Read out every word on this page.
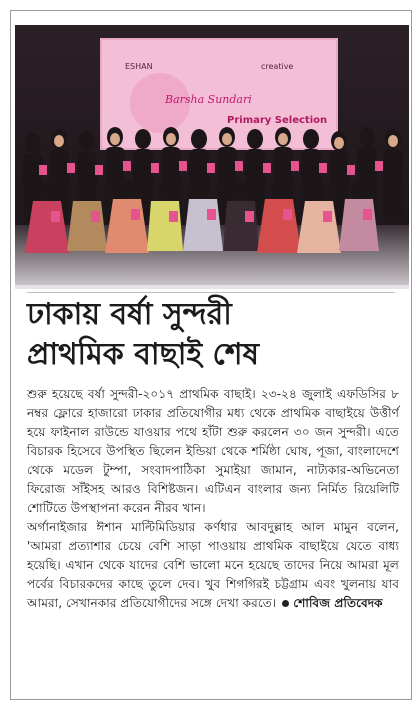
ESHAN	creative
Barsha Sundari
Primary Selection
ঢাকায় বর্ষা সুন্দরী
প্রাথমিক বাছাই শেষ

শুরু হয়েছে বর্ষা সুন্দরী-২০১৭ প্রাথমিক বাছাই। ২৩-২৪ জুলাই এফডিসির ৮ নম্বর ফ্লোরে হাজারো ঢাকার প্রতিযোগীর মধ্য থেকে প্রাথমিক বাছাইয়ে উত্তীর্ণ হয়ে ফাইনাল রাউন্ডে যাওয়ার পথে হাঁটা শুরু করলেন ৩০ জন সুন্দরী। এতে বিচারক হিসেবে উপস্থিত ছিলেন ইন্ডিয়া থেকে শর্মিষ্ঠা ঘোষ, পূজা, বাংলাদেশে থেকে মডেল টুম্পা, সংবাদপাঠিকা সুমাইয়া জামান, নাট্যকার-অভিনেতা ফিরোজ সাঁইসহ আরও বিশিষ্টজন। এটিএন বাংলার জন্য নির্মিত রিয়েলিটি শোটিতে উপস্থাপনা করেন নীরব খান।

অর্গানাইজার ঈশান মাল্টিমিডিয়ার কর্ণধার আবদুল্লাহ আল মামুন বলেন, 'আমরা প্রত্যাশার চেয়ে বেশি সাড়া পাওয়ায় প্রাথমিক বাছাইয়ে যেতে বাধ্য হয়েছি। এখান থেকে যাদের বেশি ভালো মনে হয়েছে তাদের নিয়ে আমরা মূল পর্বের বিচারকদের কাছে তুলে দেব। খুব শিগগিরই চট্টগ্রাম এবং খুলনায় যাব আমরা, সেখানকার প্রতিযোগীদের সঙ্গে দেখা করতে। শোবিজ প্রতিবেদক
